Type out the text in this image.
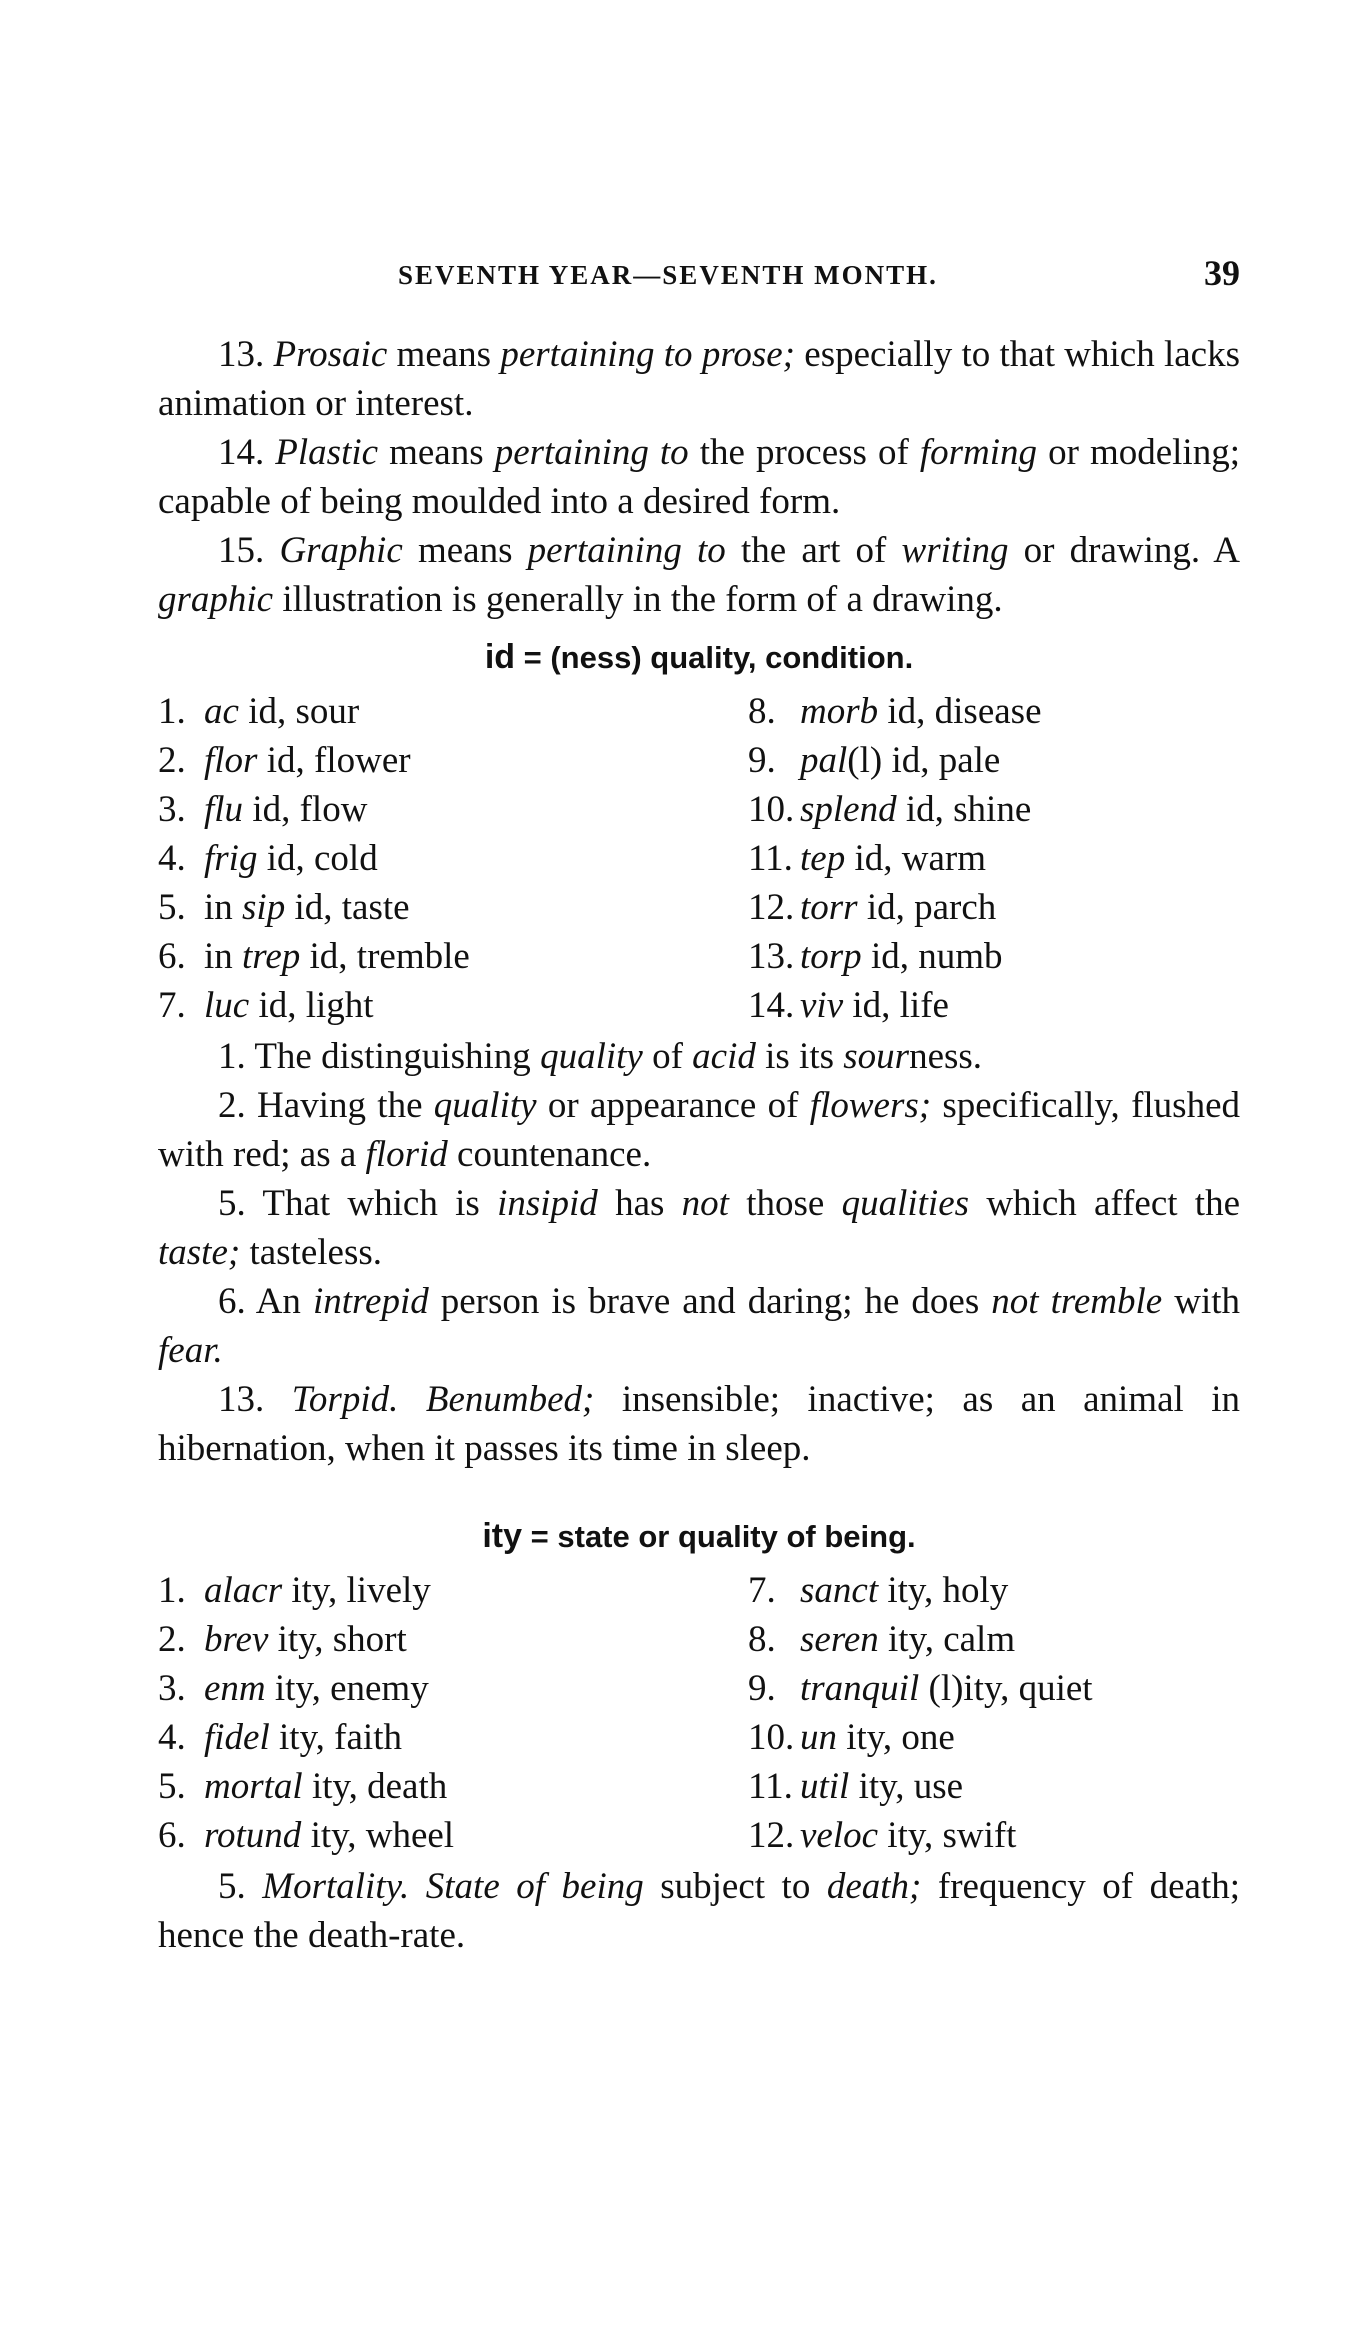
SEVENTH YEAR—SEVENTH MONTH.	39

13. Prosaic means pertaining to prose; especially to that which lacks animation or interest.

14. Plastic means pertaining to the process of forming or modeling; capable of being moulded into a desired form.

15. Graphic means pertaining to the art of writing or drawing. A graphic illustration is generally in the form of a drawing.

id = (ness) quality, condition.
1. ac id, sour
2. flor id, flower
3. flu id, flow
4. frig id, cold
5. in sip id, taste
6. in trep id, tremble
7. luc id, light
8. morb id, disease
9. pal(l) id, pale
10. splend id, shine
11. tep id, warm
12. torr id, parch
13. torp id, numb
14. viv id, life

1. The distinguishing quality of acid is its sourness.

2. Having the quality or appearance of flowers; specifically, flushed with red; as a florid countenance.

5. That which is insipid has not those qualities which affect the taste; tasteless.

6. An intrepid person is brave and daring; he does not tremble with fear.

13. Torpid. Benumbed; insensible; inactive; as an animal in hibernation, when it passes its time in sleep.

ity = state or quality of being.
1. alacr ity, lively
2. brev ity, short
3. enm ity, enemy
4. fidel ity, faith
5. mortal ity, death
6. rotund ity, wheel
7. sanct ity, holy
8. seren ity, calm
9. tranquil (l)ity, quiet
10. un ity, one
11. util ity, use
12. veloc ity, swift

5. Mortality. State of being subject to death; frequency of death; hence the death-rate.
